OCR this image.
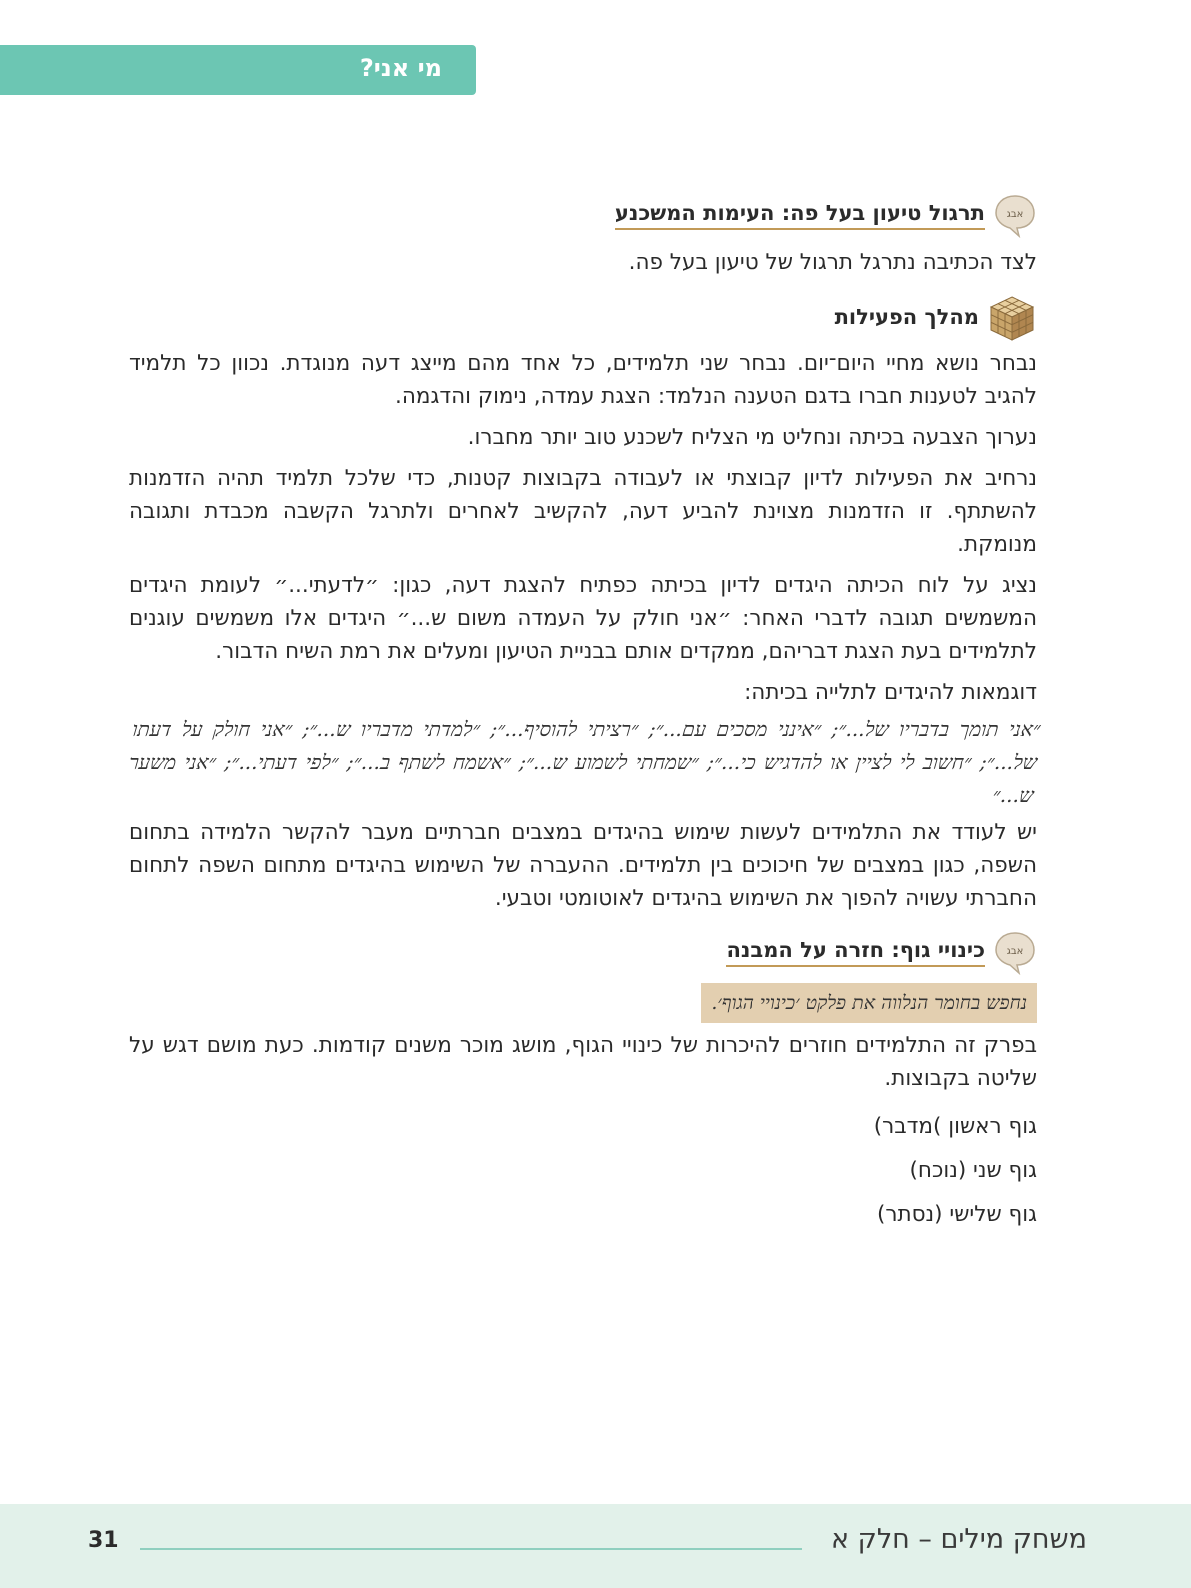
מי אני?
אבג
תרגול טיעון בעל פה: העימות המשכנע

לצד הכתיבה נתרגל תרגול של טיעון בעל פה.

מהלך הפעילות

נבחר נושא מחיי היום־יום. נבחר שני תלמידים, כל אחד מהם מייצג דעה מנוגדת. נכוון כל תלמיד להגיב לטענות חברו בדגם הטענה הנלמד: הצגת עמדה, נימוק והדגמה.

נערוך הצבעה בכיתה ונחליט מי הצליח לשכנע טוב יותר מחברו.

נרחיב את הפעילות לדיון קבוצתי או לעבודה בקבוצות קטנות, כדי שלכל תלמיד תהיה הזדמנות להשתתף. זו הזדמנות מצוינת להביע דעה, להקשיב לאחרים ולתרגל הקשבה מכבדת ותגובה מנומקת.

נציג על לוח הכיתה היגדים לדיון בכיתה כפתיח להצגת דעה, כגון: ״לדעתי...״ לעומת היגדים המשמשים תגובה לדברי האחר: ״אני חולק על העמדה משום ש...״ היגדים אלו משמשים עוגנים לתלמידים בעת הצגת דבריהם, ממקדים אותם בבניית הטיעון ומעלים את רמת השיח הדבור.

דוגמאות להיגדים לתלייה בכיתה:

״אני תומך בדבריו של...״; ״אינני מסכים עם...״; ״רציתי להוסיף...״; ״למדתי מדבריו ש...״; ״אני חולק על דעתו של...״; ״חשוב לי לציין או להדגיש כי...״; ״שמחתי לשמוע ש...״; ״אשמח לשתף ב...״; ״לפי דעתי...״; ״אני משער ש...״

יש לעודד את התלמידים לעשות שימוש בהיגדים במצבים חברתיים מעבר להקשר הלמידה בתחום השפה, כגון במצבים של חיכוכים בין תלמידים. ההעברה של השימוש בהיגדים מתחום השפה לתחום החברתי עשויה להפוך את השימוש בהיגדים לאוטומטי וטבעי.

אבג
כינויי גוף: חזרה על המבנה
נחפש בחומר הנלווה את פלקט ׳כינויי הגוף׳.

בפרק זה התלמידים חוזרים להיכרות של כינויי הגוף, מושג מוכר משנים קודמות. כעת מושם דגש על שליטה בקבוצות.

גוף ראשון )מדבר)

גוף שני (נוכח)

גוף שלישי (נסתר)

משחק מילים – חלק א
31
